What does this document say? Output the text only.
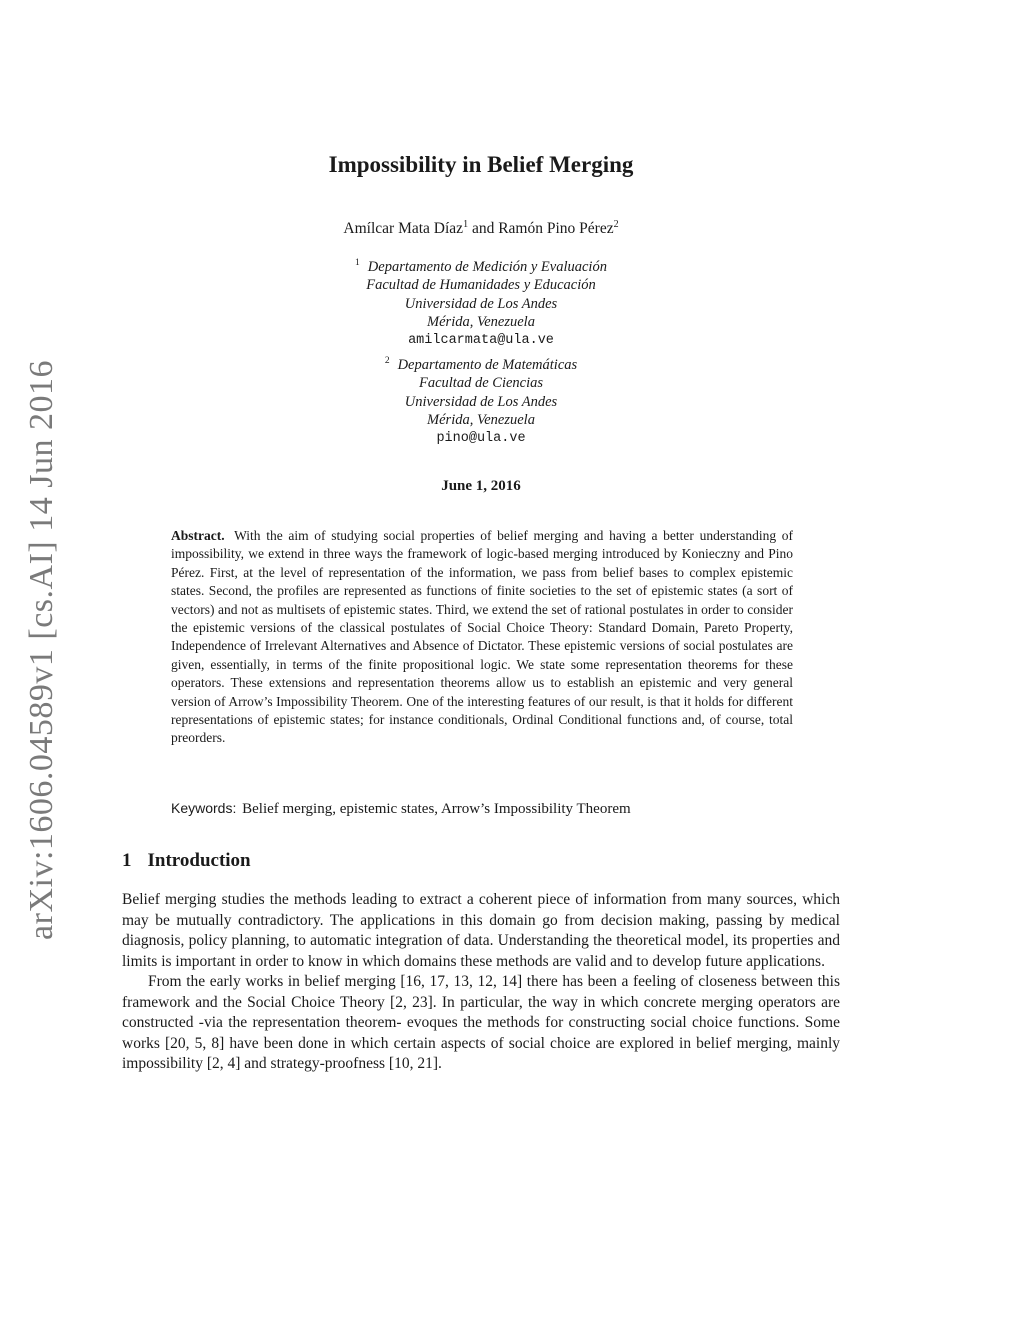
arXiv:1606.04589v1 [cs.AI] 14 Jun 2016
Impossibility in Belief Merging
Amílcar Mata Díaz$^1$ and Ramón Pino Pérez$^2$
$^1$ Departamento de Medición y Evaluación
Facultad de Humanidades y Educación
Universidad de Los Andes
Mérida, Venezuela
amilcarmata@ula.ve
$^2$ Departamento de Matemáticas
Facultad de Ciencias
Universidad de Los Andes
Mérida, Venezuela
pino@ula.ve
June 1, 2016
Abstract. With the aim of studying social properties of belief merging and having a better understanding of impossibility, we extend in three ways the framework of logic-based merging introduced by Konieczny and Pino Pérez. First, at the level of representation of the information, we pass from belief bases to complex epistemic states. Second, the profiles are represented as functions of finite societies to the set of epistemic states (a sort of vectors) and not as multisets of epistemic states. Third, we extend the set of rational postulates in order to consider the epistemic versions of the classical postulates of Social Choice Theory: Standard Domain, Pareto Property, Independence of Irrelevant Alternatives and Absence of Dictator. These epistemic versions of social postulates are given, essentially, in terms of the finite propositional logic. We state some representation theorems for these operators. These extensions and representation theorems allow us to establish an epistemic and very general version of Arrow’s Impossibility Theorem. One of the interesting features of our result, is that it holds for different representations of epistemic states; for instance conditionals, Ordinal Conditional functions and, of course, total preorders.
Keywords: Belief merging, epistemic states, Arrow’s Impossibility Theorem
1 Introduction

Belief merging studies the methods leading to extract a coherent piece of information from many sources, which may be mutually contradictory. The applications in this domain go from decision making, passing by medical diagnosis, policy planning, to automatic integration of data. Understanding the theoretical model, its properties and limits is important in order to know in which domains these methods are valid and to develop future applications.

From the early works in belief merging [16, 17, 13, 12, 14] there has been a feeling of closeness between this framework and the Social Choice Theory [2, 23]. In particular, the way in which concrete merging operators are constructed -via the representation theorem- evoques the methods for constructing social choice functions. Some works [20, 5, 8] have been done in which certain aspects of social choice are explored in belief merging, mainly impossibility [2, 4] and strategy-proofness [10, 21].
